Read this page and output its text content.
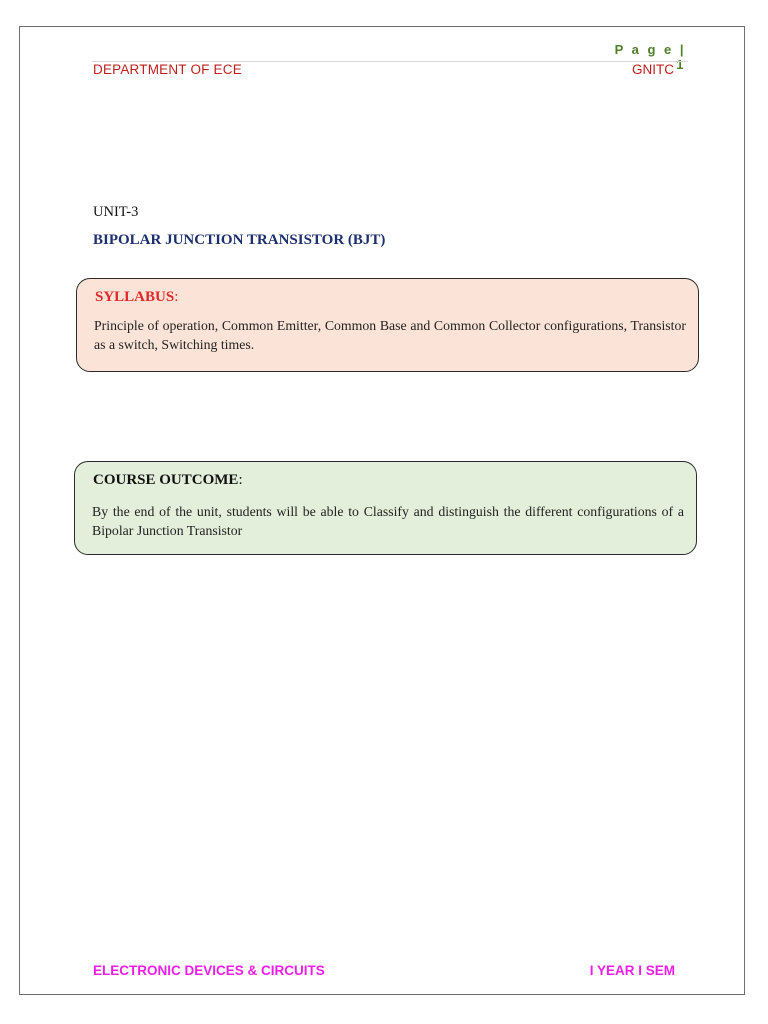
P a g e | 1
DEPARTMENT OF ECE	GNITC
UNIT-3
BIPOLAR JUNCTION TRANSISTOR (BJT)
SYLLABUS:
Principle of operation, Common Emitter, Common Base and Common Collector configurations, Transistor as a switch, Switching times.
COURSE OUTCOME:
By the end of the unit, students will be able to Classify and distinguish the different configurations of a Bipolar Junction Transistor
ELECTRONIC DEVICES & CIRCUITS	I YEAR I SEM
